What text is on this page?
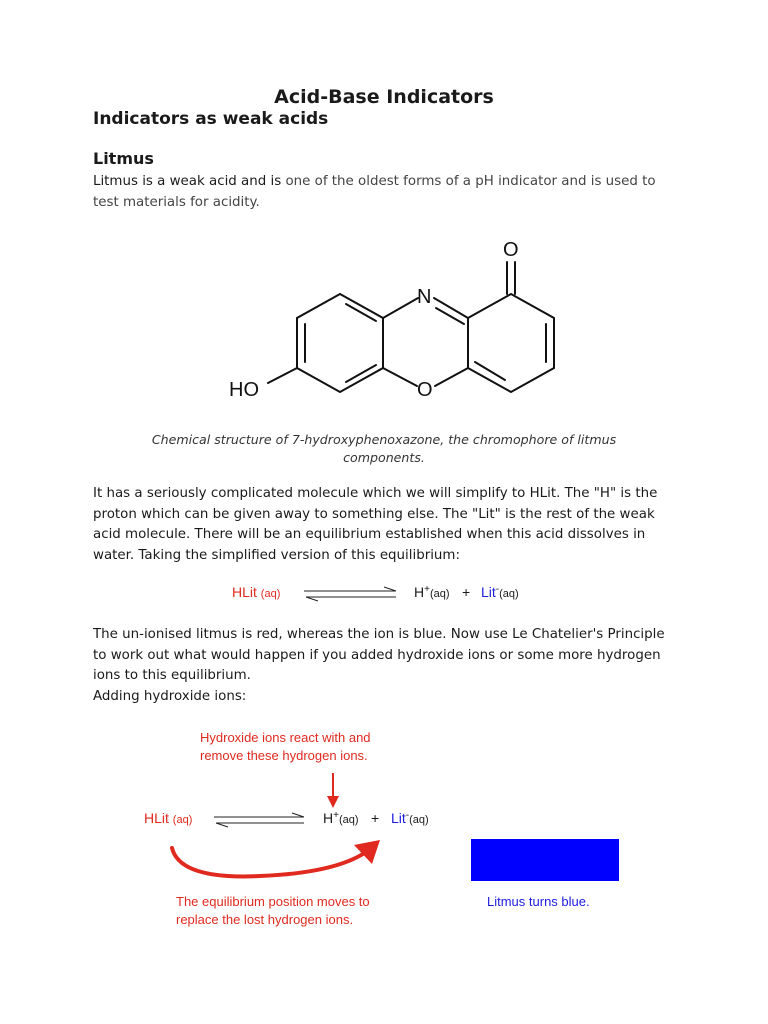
Acid-Base Indicators
Indicators as weak acids
Litmus
Litmus is a weak acid and is one of the oldest forms of a pH indicator and is used to test materials for acidity.
O
N
HO	O
Chemical structure of 7-hydroxyphenoxazone, the chromophore of litmus components.
It has a seriously complicated molecule which we will simplify to HLit. The "H" is the proton which can be given away to something else. The "Lit" is the rest of the weak acid molecule. There will be an equilibrium established when this acid dissolves in water. Taking the simplified version of this equilibrium:
HLit (aq)	H+(aq) + Lit-(aq)
The un-ionised litmus is red, whereas the ion is blue. Now use Le Chatelier's Principle to work out what would happen if you added hydroxide ions or some more hydrogen ions to this equilibrium.
Adding hydroxide ions:
Hydroxide ions react with and
remove these hydrogen ions.
HLit (aq)	H+(aq) + Lit-(aq)
The equilibrium position moves to
replace the lost hydrogen ions.
Litmus turns blue.
